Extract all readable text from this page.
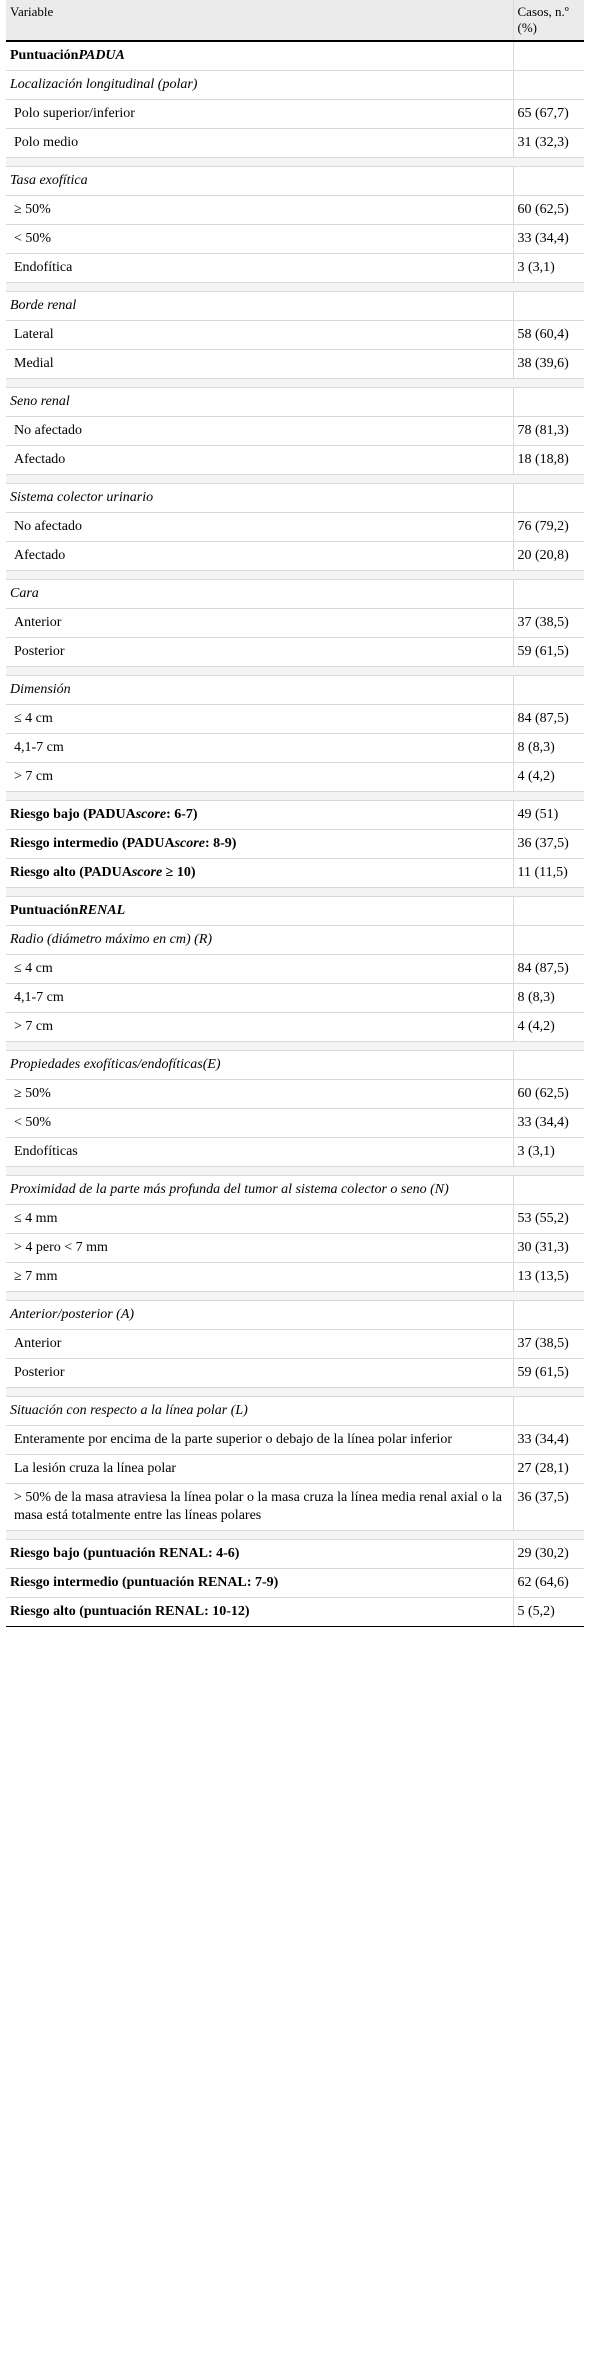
Variable	Casos, n.º (%)
PuntuaciónPADUA	
Localización longitudinal (polar)	
Polo superior/inferior	65 (67,7)
Polo medio	31 (32,3)

Tasa exofítica	
≥ 50%	60 (62,5)
< 50%	33 (34,4)
Endofítica	3 (3,1)

Borde renal	
Lateral	58 (60,4)
Medial	38 (39,6)

Seno renal	
No afectado	78 (81,3)
Afectado	18 (18,8)

Sistema colector urinario	
No afectado	76 (79,2)
Afectado	20 (20,8)

Cara	
Anterior	37 (38,5)
Posterior	59 (61,5)

Dimensión	
≤ 4 cm	84 (87,5)
4,1-7 cm	8 (8,3)
> 7 cm	4 (4,2)

Riesgo bajo (PADUAscore: 6-7)	49 (51)
Riesgo intermedio (PADUAscore: 8-9)	36 (37,5)
Riesgo alto (PADUAscore ≥ 10)	11 (11,5)

PuntuaciónRENAL	
Radio (diámetro máximo en cm) (R)	
≤ 4 cm	84 (87,5)
4,1-7 cm	8 (8,3)
> 7 cm	4 (4,2)

Propiedades exofíticas/endofíticas(E)	
≥ 50%	60 (62,5)
< 50%	33 (34,4)
Endofíticas	3 (3,1)

Proximidad de la parte más profunda del tumor al sistema colector o seno (N)	
≤ 4 mm	53 (55,2)
> 4 pero < 7 mm	30 (31,3)
≥ 7 mm	13 (13,5)

Anterior/posterior (A)	
Anterior	37 (38,5)
Posterior	59 (61,5)

Situación con respecto a la línea polar (L)	
Enteramente por encima de la parte superior o debajo de la línea polar inferior	33 (34,4)
La lesión cruza la línea polar	27 (28,1)
> 50% de la masa atraviesa la línea polar o la masa cruza la línea media renal axial o la masa está totalmente entre las líneas polares	36 (37,5)

Riesgo bajo (puntuación RENAL: 4-6)	29 (30,2)
Riesgo intermedio (puntuación RENAL: 7-9)	62 (64,6)
Riesgo alto (puntuación RENAL: 10-12)	5 (5,2)
